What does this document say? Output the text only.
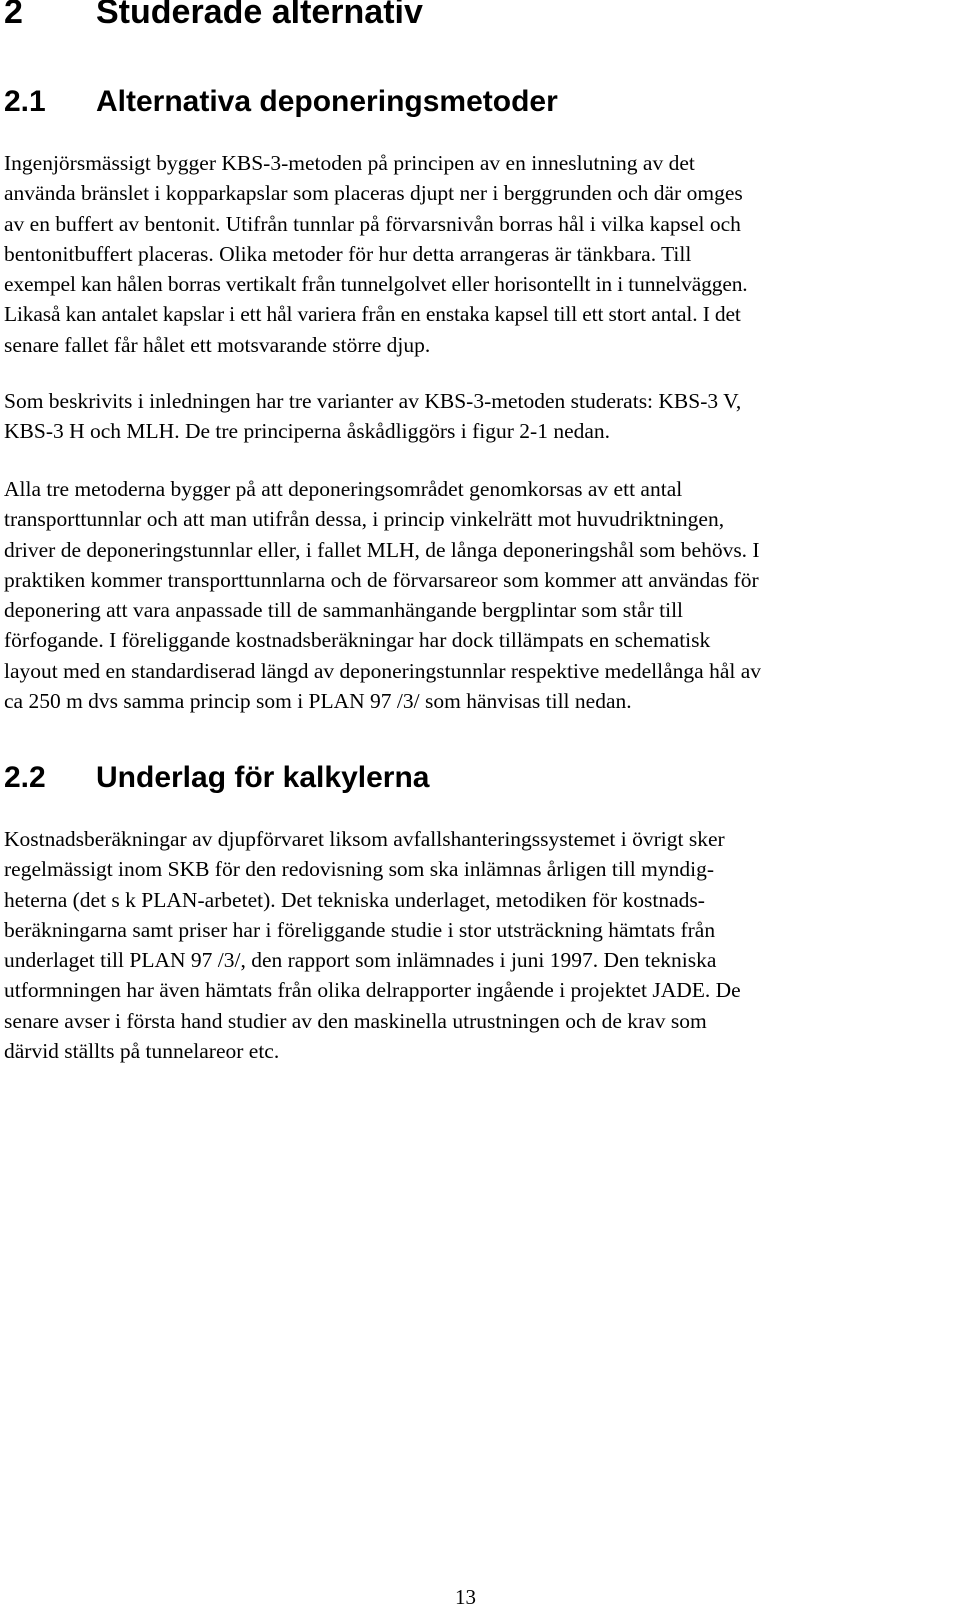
2 Studerade alternativ
2.1 Alternativa deponeringsmetoder
Ingenjörsmässigt bygger KBS-3-metoden på principen av en inneslutning av det
använda bränslet i kopparkapslar som placeras djupt ner i berggrunden och där omges
av en buffert av bentonit. Utifrån tunnlar på förvarsnivån borras hål i vilka kapsel och
bentonitbuffert placeras. Olika metoder för hur detta arrangeras är tänkbara. Till
exempel kan hålen borras vertikalt från tunnelgolvet eller horisontellt in i tunnelväggen.
Likaså kan antalet kapslar i ett hål variera från en enstaka kapsel till ett stort antal. I det
senare fallet får hålet ett motsvarande större djup.
Som beskrivits i inledningen har tre varianter av KBS-3-metoden studerats: KBS-3 V,
KBS-3 H och MLH. De tre principerna åskådliggörs i figur 2-1 nedan.
Alla tre metoderna bygger på att deponeringsområdet genomkorsas av ett antal
transporttunnlar och att man utifrån dessa, i princip vinkelrätt mot huvudriktningen,
driver de deponeringstunnlar eller, i fallet MLH, de långa deponeringshål som behövs. I
praktiken kommer transporttunnlarna och de förvarsareor som kommer att användas för
deponering att vara anpassade till de sammanhängande bergplintar som står till
förfogande. I föreliggande kostnadsberäkningar har dock tillämpats en schematisk
layout med en standardiserad längd av deponeringstunnlar respektive medellånga hål av
ca 250 m dvs samma princip som i PLAN 97 /3/ som hänvisas till nedan.
2.2 Underlag för kalkylerna
Kostnadsberäkningar av djupförvaret liksom avfallshanteringssystemet i övrigt sker
regelmässigt inom SKB för den redovisning som ska inlämnas årligen till myndig-
heterna (det s k PLAN-arbetet). Det tekniska underlaget, metodiken för kostnads-
beräkningarna samt priser har i föreliggande studie i stor utsträckning hämtats från
underlaget till PLAN 97 /3/, den rapport som inlämnades i juni 1997. Den tekniska
utformningen har även hämtats från olika delrapporter ingående i projektet JADE. De
senare avser i första hand studier av den maskinella utrustningen och de krav som
därvid ställts på tunnelareor etc.

13
